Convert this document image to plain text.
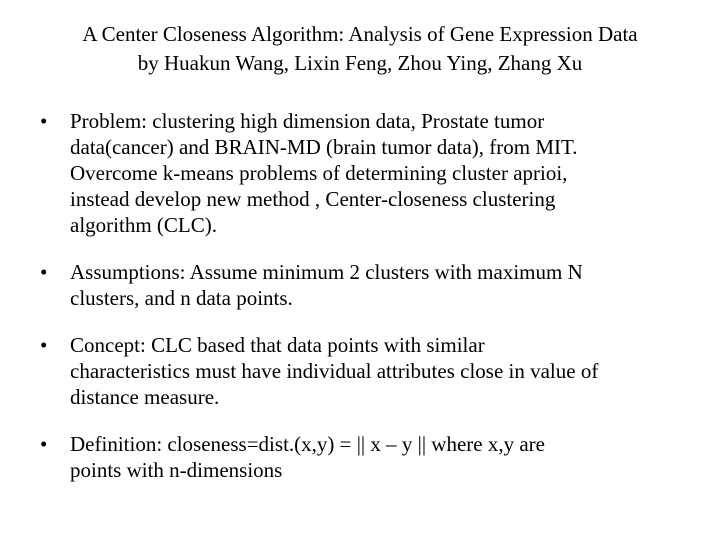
A Center Closeness Algorithm: Analysis of Gene Expression Data
by Huakun Wang, Lixin Feng, Zhou Ying, Zhang Xu
•	Problem: clustering high dimension data, Prostate tumor
data(cancer) and BRAIN-MD (brain tumor data), from MIT.
Overcome k-means problems of determining cluster aprioi,
instead develop new method , Center-closeness clustering
algorithm (CLC).
•	Assumptions: Assume minimum 2 clusters with maximum N
clusters, and n data points.
•	Concept: CLC based that data points with similar
characteristics must have individual attributes close in value of
distance measure.
•	Definition: closeness=dist.(x,y) = || x – y || where x,y are
points with n-dimensions
